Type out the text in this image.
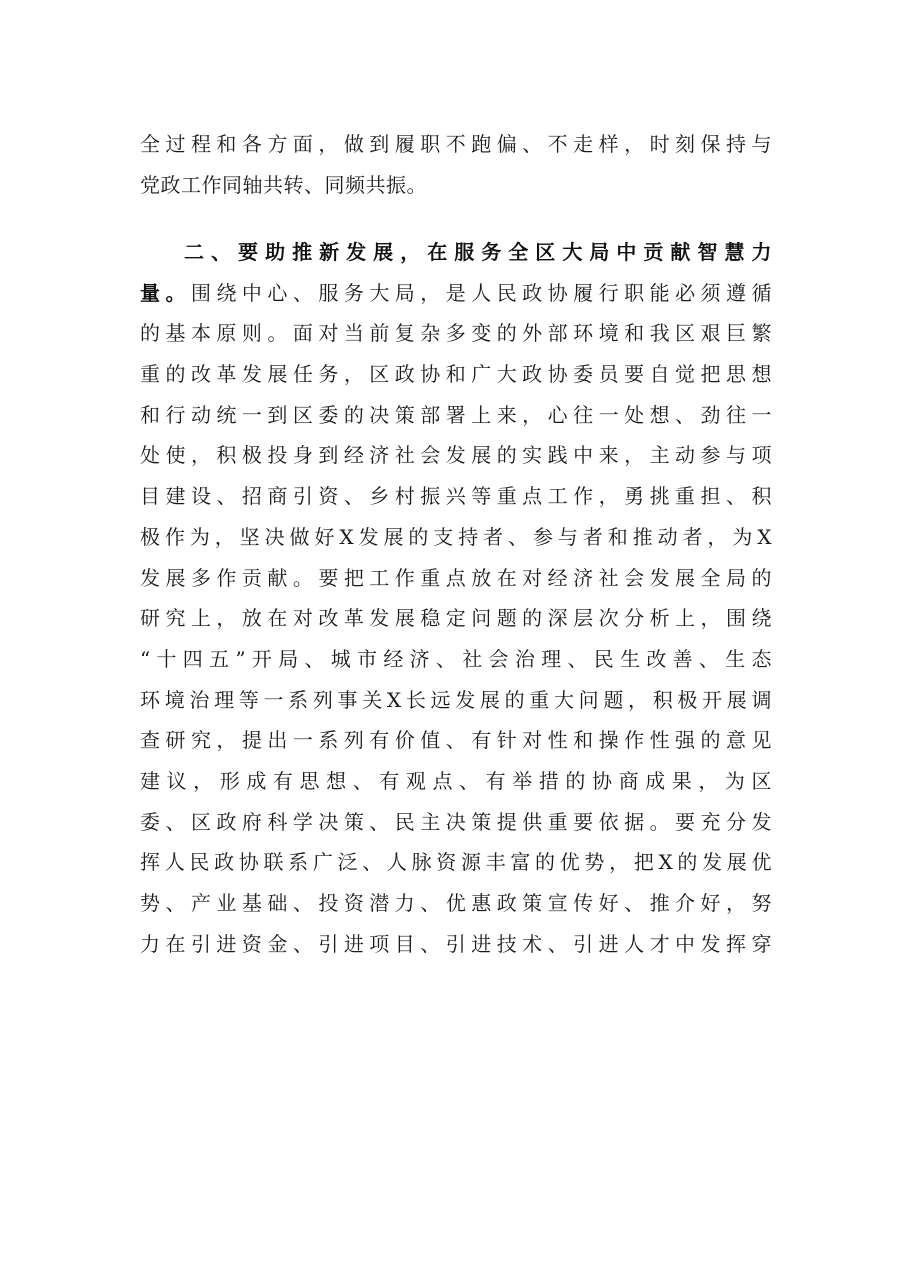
全过程和各方面，做到履职不跑偏、不走样，时刻保持与
党政工作同轴共转、同频共振。
二、要助推新发展，在服务全区大局中贡献智慧力
量。围绕中心、服务大局，是人民政协履行职能必须遵循
的基本原则。面对当前复杂多变的外部环境和我区艰巨繁
重的改革发展任务，区政协和广大政协委员要自觉把思想
和行动统一到区委的决策部署上来，心往一处想、劲往一
处使，积极投身到经济社会发展的实践中来，主动参与项
目建设、招商引资、乡村振兴等重点工作，勇挑重担、积
极作为，坚决做好X发展的支持者、参与者和推动者，为X
发展多作贡献。要把工作重点放在对经济社会发展全局的
研究上，放在对改革发展稳定问题的深层次分析上，围绕
“十四五”开局、城市经济、社会治理、民生改善、生态
环境治理等一系列事关X长远发展的重大问题，积极开展调
查研究，提出一系列有价值、有针对性和操作性强的意见
建议，形成有思想、有观点、有举措的协商成果，为区
委、区政府科学决策、民主决策提供重要依据。要充分发
挥人民政协联系广泛、人脉资源丰富的优势，把X的发展优
势、产业基础、投资潜力、优惠政策宣传好、推介好，努
力在引进资金、引进项目、引进技术、引进人才中发挥穿
